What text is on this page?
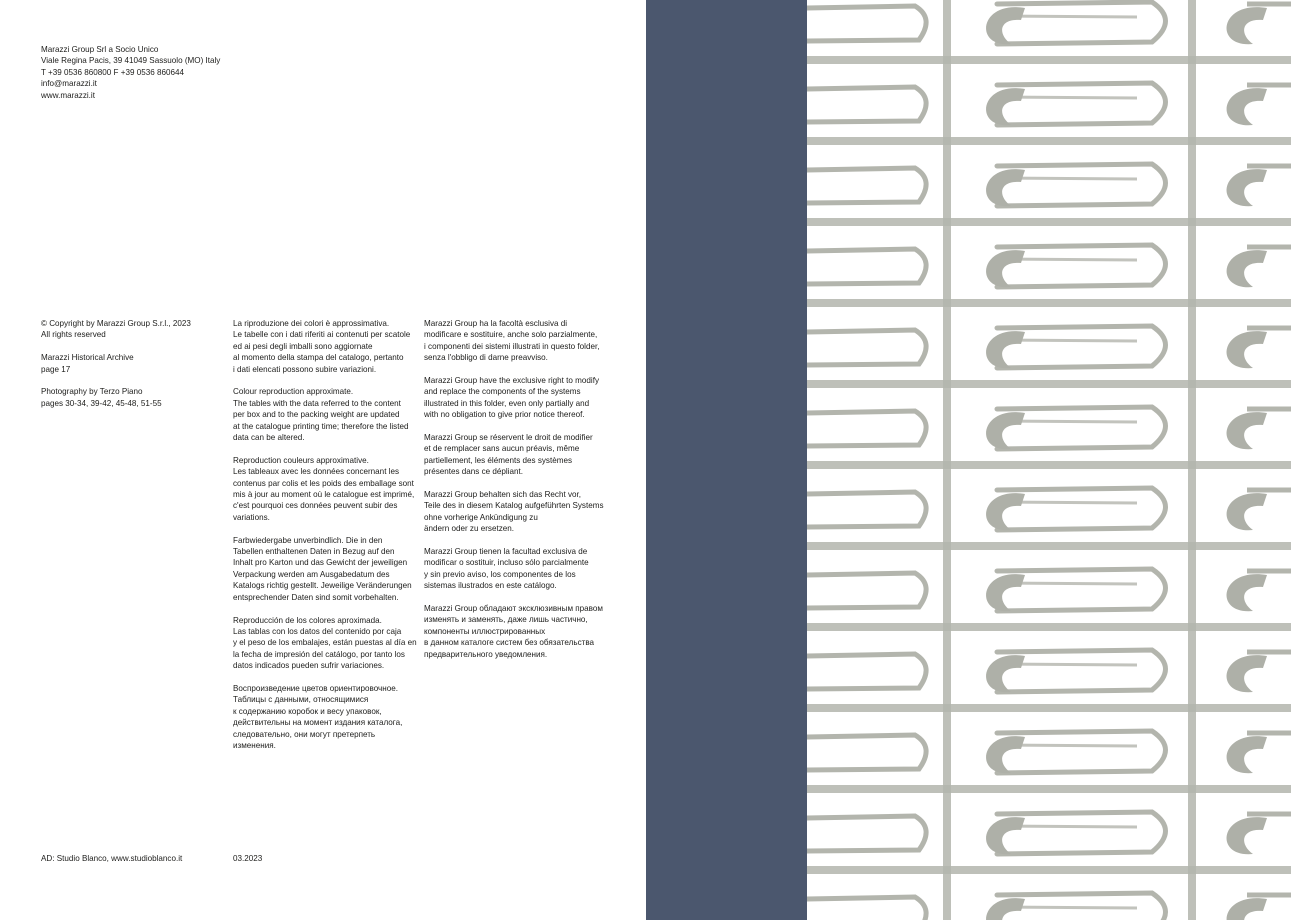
Marazzi Group Srl a Socio Unico

Viale Regina Pacis, 39 41049 Sassuolo (MO) Italy

T +39 0536 860800 F +39 0536 860644

info@marazzi.it

www.marazzi.it

© Copyright by Marazzi Group S.r.l., 2023
All rights reserved

Marazzi Historical Archive
page 17

Photography by Terzo Piano
pages 30-34, 39-42, 45-48, 51-55

La riproduzione dei colori è approssimativa.
Le tabelle con i dati riferiti ai contenuti per scatole
ed ai pesi degli imballi sono aggiornate
al momento della stampa del catalogo, pertanto
i dati elencati possono subire variazioni.

Colour reproduction approximate.
The tables with the data referred to the content
per box and to the packing weight are updated
at the catalogue printing time; therefore the listed
data can be altered.

Reproduction couleurs approximative.
Les tableaux avec les données concernant les
contenus par colis et les poids des emballage sont
mis à jour au moment où le catalogue est imprimé,
c'est pourquoi ces données peuvent subir des
variations.

Farbwiedergabe unverbindlich. Die in den
Tabellen enthaltenen Daten in Bezug auf den
Inhalt pro Karton und das Gewicht der jeweiligen
Verpackung werden am Ausgabedatum des
Katalogs richtig gestellt. Jeweilige Veränderungen
entsprechender Daten sind somit vorbehalten.

Reproducción de los colores aproximada.
Las tablas con los datos del contenido por caja
y el peso de los embalajes, están puestas al día en
la fecha de impresión del catálogo, por tanto los
datos indicados pueden sufrir variaciones.

Воспроизведение цветов ориентировочное.
Таблицы с данными, относящимися
к содержанию коробок и весу упаковок,
действительны на момент издания каталога,
следовательно, они могут претерпеть
изменения.

Marazzi Group ha la facoltà esclusiva di
modificare e sostituire, anche solo parzialmente,
i componenti dei sistemi illustrati in questo folder,
senza l'obbligo di darne preavviso.

Marazzi Group have the exclusive right to modify
and replace the components of the systems
illustrated in this folder, even only partially and
with no obligation to give prior notice thereof.

Marazzi Group se réservent le droit de modifier
et de remplacer sans aucun préavis, même
partiellement, les éléments des systèmes
présentes dans ce dépliant.

Marazzi Group behalten sich das Recht vor,
Teile des in diesem Katalog aufgeführten Systems
ohne vorherige Ankündigung zu
ändern oder zu ersetzen.

Marazzi Group tienen la facultad exclusiva de
modificar o sostituir, incluso sólo parcialmente
y sin previo aviso, los componentes de los
sistemas ilustrados en este catálogo.

Marazzi Group обладают эксклюзивным правом
изменять и заменять, даже лишь частично,
компоненты иллюстрированных
в данном каталоге систем без обязательства
предварительного уведомления.

AD: Studio Blanco, www.studioblanco.it	03.2023
